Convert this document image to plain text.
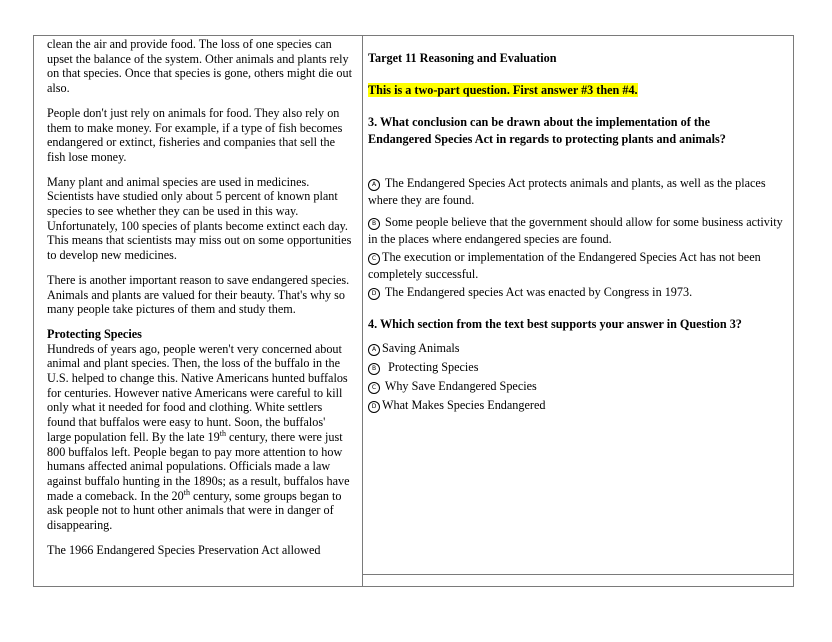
clean the air and provide food. The loss of one species can upset the balance of the system. Other animals and plants rely on that species. Once that species is gone, others might die out also.

People don't just rely on animals for food. They also rely on them to make money. For example, if a type of fish becomes endangered or extinct, fisheries and companies that sell the fish lose money.

Many plant and animal species are used in medicines. Scientists have studied only about 5 percent of known plant species to see whether they can be used in this way. Unfortunately, 100 species of plants become extinct each day. This means that scientists may miss out on some opportunities to develop new medicines.

There is another important reason to save endangered species. Animals and plants are valued for their beauty. That's why so many people take pictures of them and study them.

Protecting Species
Hundreds of years ago, people weren't very concerned about animal and plant species. Then, the loss of the buffalo in the U.S. helped to change this. Native Americans hunted buffalos for centuries. However native Americans were careful to kill only what it needed for food and clothing. White settlers found that buffalos were easy to hunt. Soon, the buffalos' large population fell. By the late 19th century, there were just 800 buffalos left. People began to pay more attention to how humans affected animal populations. Officials made a law against buffalo hunting in the 1890s; as a result, buffalos have made a comeback. In the 20th century, some groups began to ask people not to hunt other animals that were in danger of disappearing.

The 1966 Endangered Species Preservation Act allowed

Target 11 Reasoning and Evaluation

This is a two-part question. First answer #3 then #4.

3. What conclusion can be drawn about the implementation of the Endangered Species Act in regards to protecting plants and animals?

A The Endangered Species Act protects animals and plants, as well as the places where they are found.

B Some people believe that the government should allow for some business activity in the places where endangered species are found.

C The execution or implementation of the Endangered Species Act has not been completely successful.

D The Endangered species Act was enacted by Congress in 1973.

4. Which section from the text best supports your answer in Question 3?

A Saving Animals

B Protecting Species

C Why Save Endangered Species

D What Makes Species Endangered
